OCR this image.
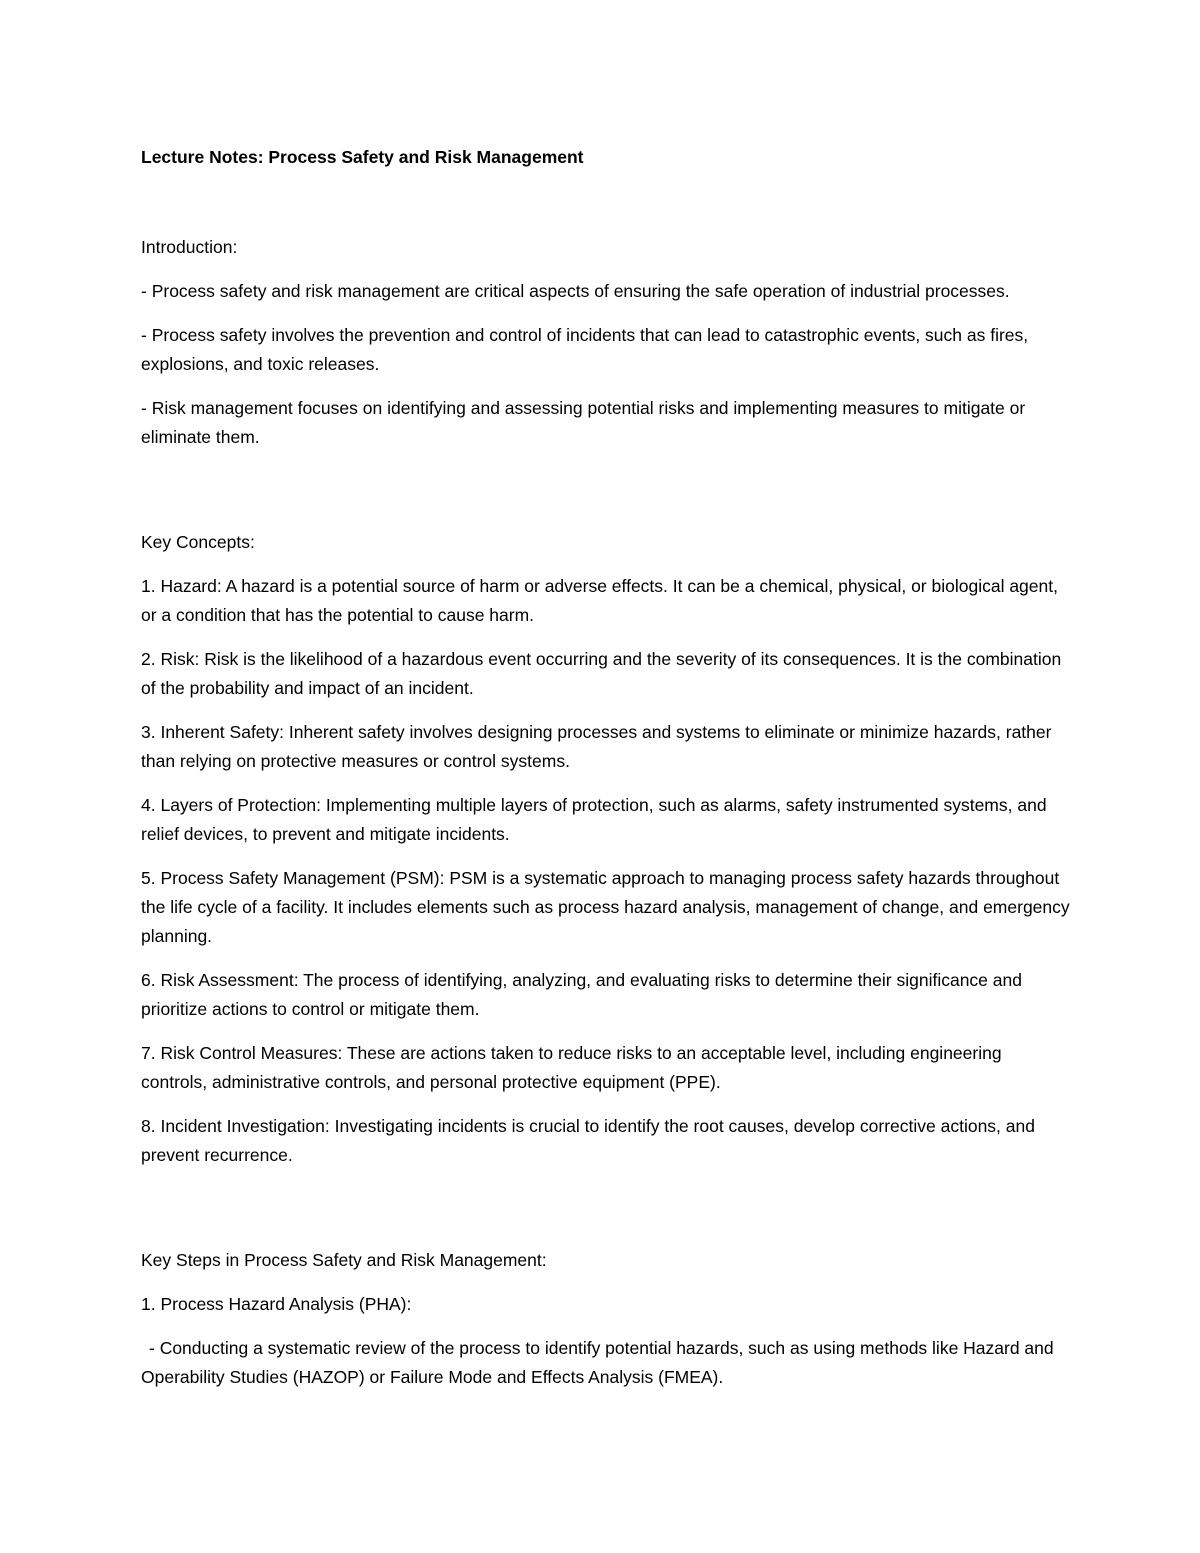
Lecture Notes: Process Safety and Risk Management

Introduction:

- Process safety and risk management are critical aspects of ensuring the safe operation of industrial processes.

- Process safety involves the prevention and control of incidents that can lead to catastrophic events, such as fires, explosions, and toxic releases.

- Risk management focuses on identifying and assessing potential risks and implementing measures to mitigate or eliminate them.

Key Concepts:

1. Hazard: A hazard is a potential source of harm or adverse effects. It can be a chemical, physical, or biological agent, or a condition that has the potential to cause harm.

2. Risk: Risk is the likelihood of a hazardous event occurring and the severity of its consequences. It is the combination of the probability and impact of an incident.

3. Inherent Safety: Inherent safety involves designing processes and systems to eliminate or minimize hazards, rather than relying on protective measures or control systems.

4. Layers of Protection: Implementing multiple layers of protection, such as alarms, safety instrumented systems, and relief devices, to prevent and mitigate incidents.

5. Process Safety Management (PSM): PSM is a systematic approach to managing process safety hazards throughout the life cycle of a facility. It includes elements such as process hazard analysis, management of change, and emergency planning.

6. Risk Assessment: The process of identifying, analyzing, and evaluating risks to determine their significance and prioritize actions to control or mitigate them.

7. Risk Control Measures: These are actions taken to reduce risks to an acceptable level, including engineering controls, administrative controls, and personal protective equipment (PPE).

8. Incident Investigation: Investigating incidents is crucial to identify the root causes, develop corrective actions, and prevent recurrence.

Key Steps in Process Safety and Risk Management:

1. Process Hazard Analysis (PHA):

- Conducting a systematic review of the process to identify potential hazards, such as using methods like Hazard and Operability Studies (HAZOP) or Failure Mode and Effects Analysis (FMEA).
